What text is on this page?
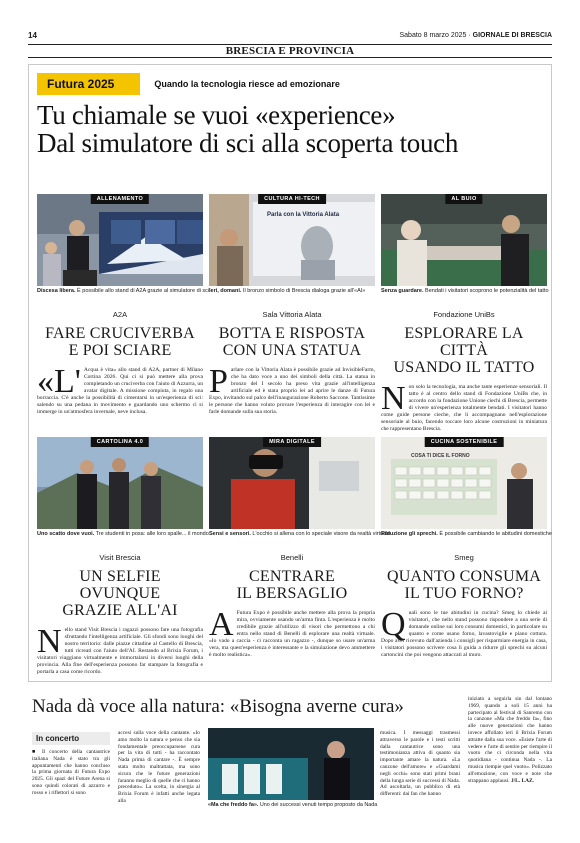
14	Sabato 8 marzo 2025 · GIORNALE DI BRESCIA
BRESCIA E PROVINCIA
Futura 2025	Quando la tecnologia riesce ad emozionare
Tu chiamale se vuoi «experience»
Dal simulatore di sci alla scoperta touch
ALLENAMENTO
Discesa libera. È possibile allo stand di A2A grazie al simulatore di sci
A2A
FARE CRUCIVERBA
E POI SCIARE
«L' Acqua è vita» allo stand di A2A, partner di Milano Cortina 2026. Qui ci si può mettere alla prova completando un cruciverba con l'aiuto di Azzurra, un avatar digitale. A missione compiuta, in regalo una borraccia. C'è anche la possibilità di cimentarsi in un'esperienza di sci: salendo su una pedana in movimento e guardando uno schermo ci si immerge in un'atmosfera invernale, neve inclusa.
Parla con la Vittoria Alata
CULTURA HI-TECH
Ieri, domani. Il bronzo simbolo di Brescia dialoga grazie all'«AI»
Sala Vittoria Alata
BOTTA E RISPOSTA
CON UNA STATUA
Parlare con la Vittoria Alata è possibile grazie ad InvisibleFarm, che ha dato voce a uno dei simboli della città. La statua in bronzo del I secolo ha preso vita grazie all'intelligenza artificiale ed è stata proprio lei ad aprire le danze di Futura Expo, invitando sul palco dell'inaugurazione Roberto Saccone. Tantissime le persone che hanno voluto provare l'esperienza di interagire con lei e farle domande sulla sua storia.
AL BUIO
Senza guardare. Bendati i visitatori scoprono le potenzialità del tatto
Fondazione UniBs
ESPLORARE LA CITTÀ
USANDO IL TATTO
Non solo la tecnologia, ma anche tante esperienze sensoriali. Il tatto è al centro dello stand di Fondazione UniBs che, in accordo con la fondazione Unione ciechi di Brescia, permette di vivere un'esperienza totalmente bendati. I visitatori hanno come guide persone cieche, che li accompagnano nell'esplorazione sensoriale al buio, facendo toccare loro alcune costruzioni in miniatura che rappresentano Brescia.
CARTOLINA 4.0
Uno scatto dove vuoi. Tre studenti in posa: alle loro spalle... il mondo
Visit Brescia
UN SELFIE OVUNQUE
GRAZIE ALL'AI
Nello stand Visit Brescia i ragazzi possono fare una fotografia sfruttando l'intelligenza artificiale. Gli sfondi sono luoghi del nostro territorio: dalle piazze cittadine al Castello di Brescia, tutti ricreati con l'aiuto dell'AI. Restando al Brixia Forum, i visitatori viaggiano virtualmente e immortalarsi in diversi luoghi della provincia. Alla fine dell'esperienza possono far stampare la fotografia e portarla a casa come ricordo.
MIRA DIGITALE
Sensi e sensori. L'occhio si allena con lo speciale visore da realtà virtuale
Benelli
CENTRARE
IL BERSAGLIO
A Futura Expo è possibile anche mettere alla prova la propria mira, ovviamente usando un'arma finta. L'esperienza è molto credibile grazie all'utilizzo di visori che permettono a chi entra nello stand di Benelli di esplorare una realtà virtuale. «Io vado a caccia - ci racconta un ragazzo -, dunque so usare un'arma vera, ma quest'esperienza è interessante e la simulazione devo ammettere è molto realistica».
COSA TI DICE IL FORNO
CUCINA SOSTENIBILE
Riduzione gli sprechi. È possibile cambiando le abitudini domestiche
Smeg
QUANTO CONSUMA
IL TUO FORNO?
Quali sono le tue abitudini in cucina? Smeg lo chiede ai visitatori, che nello stand possono rispondere a una serie di domande online sui loro consumi domestici, in particolare su quanto e come usano forno, lavastoviglie e piano cottura. Dopo aver ricevuto dall'azienda i consigli per risparmiare energia in casa, i visitatori possono scrivere cosa li guida a ridurre gli sprechi su alcuni cartoncini che poi vengono attaccati al muro.
Nada dà voce alla natura: «Bisogna averne cura»
In concerto
■ Il concerto della cantautrice italiana Nada è stato tra gli appuntamenti che hanno concluso la prima giornata di Futura Expo 2025. Gli spazi del Future Arena si sono quindi colorati di azzurro e rosso e i riflettori si sono
accesi sulla voce della cantante. «Io amo molto la natura e penso che sia fondamentale preoccuparsene cura per la vita di tutti - ha raccontato Nada prima di cantare -. È sempre stata molto maltrattata, ma sono sicura che le future generazioni faranno meglio di quelle che ci hanno preceduto». La scelta, in sinergia al Brixia Forum è infatti anche legata alla
«Ma che freddo fa». Uno dei successi venuti tempo proposto da Nada
musica. I messaggi trasmessi attraverso le parole e i testi scritti dalla cantautrice sono una testimonianza attiva di quanto sia importante amare la natura. «La canzone dell'amore» e «Guardami negli occhi» sono stati primi brani della lunga serie di successi di Nada. Ad ascoltarla, un pubblico di età differenti: dai fan che hanno
iniziato a seguirla sin dal lontano 1969, quando a soli 15 anni ha partecipato al festival di Sanremo con la canzone «Ma che freddo fa», fino alle nuove generazioni che hanno invece affollato ieri il Brixia Forum attratte dalla sua voce. «Esiste l'arte di vedere e l'arte di sentire per riempire il vuoto che ci circonda nella vita quotidiana - continua Nada -. La musica riempie quel vuoto». Polizzato all'emozione, con voce e note che strappano applausi. J/L. LAZ.
